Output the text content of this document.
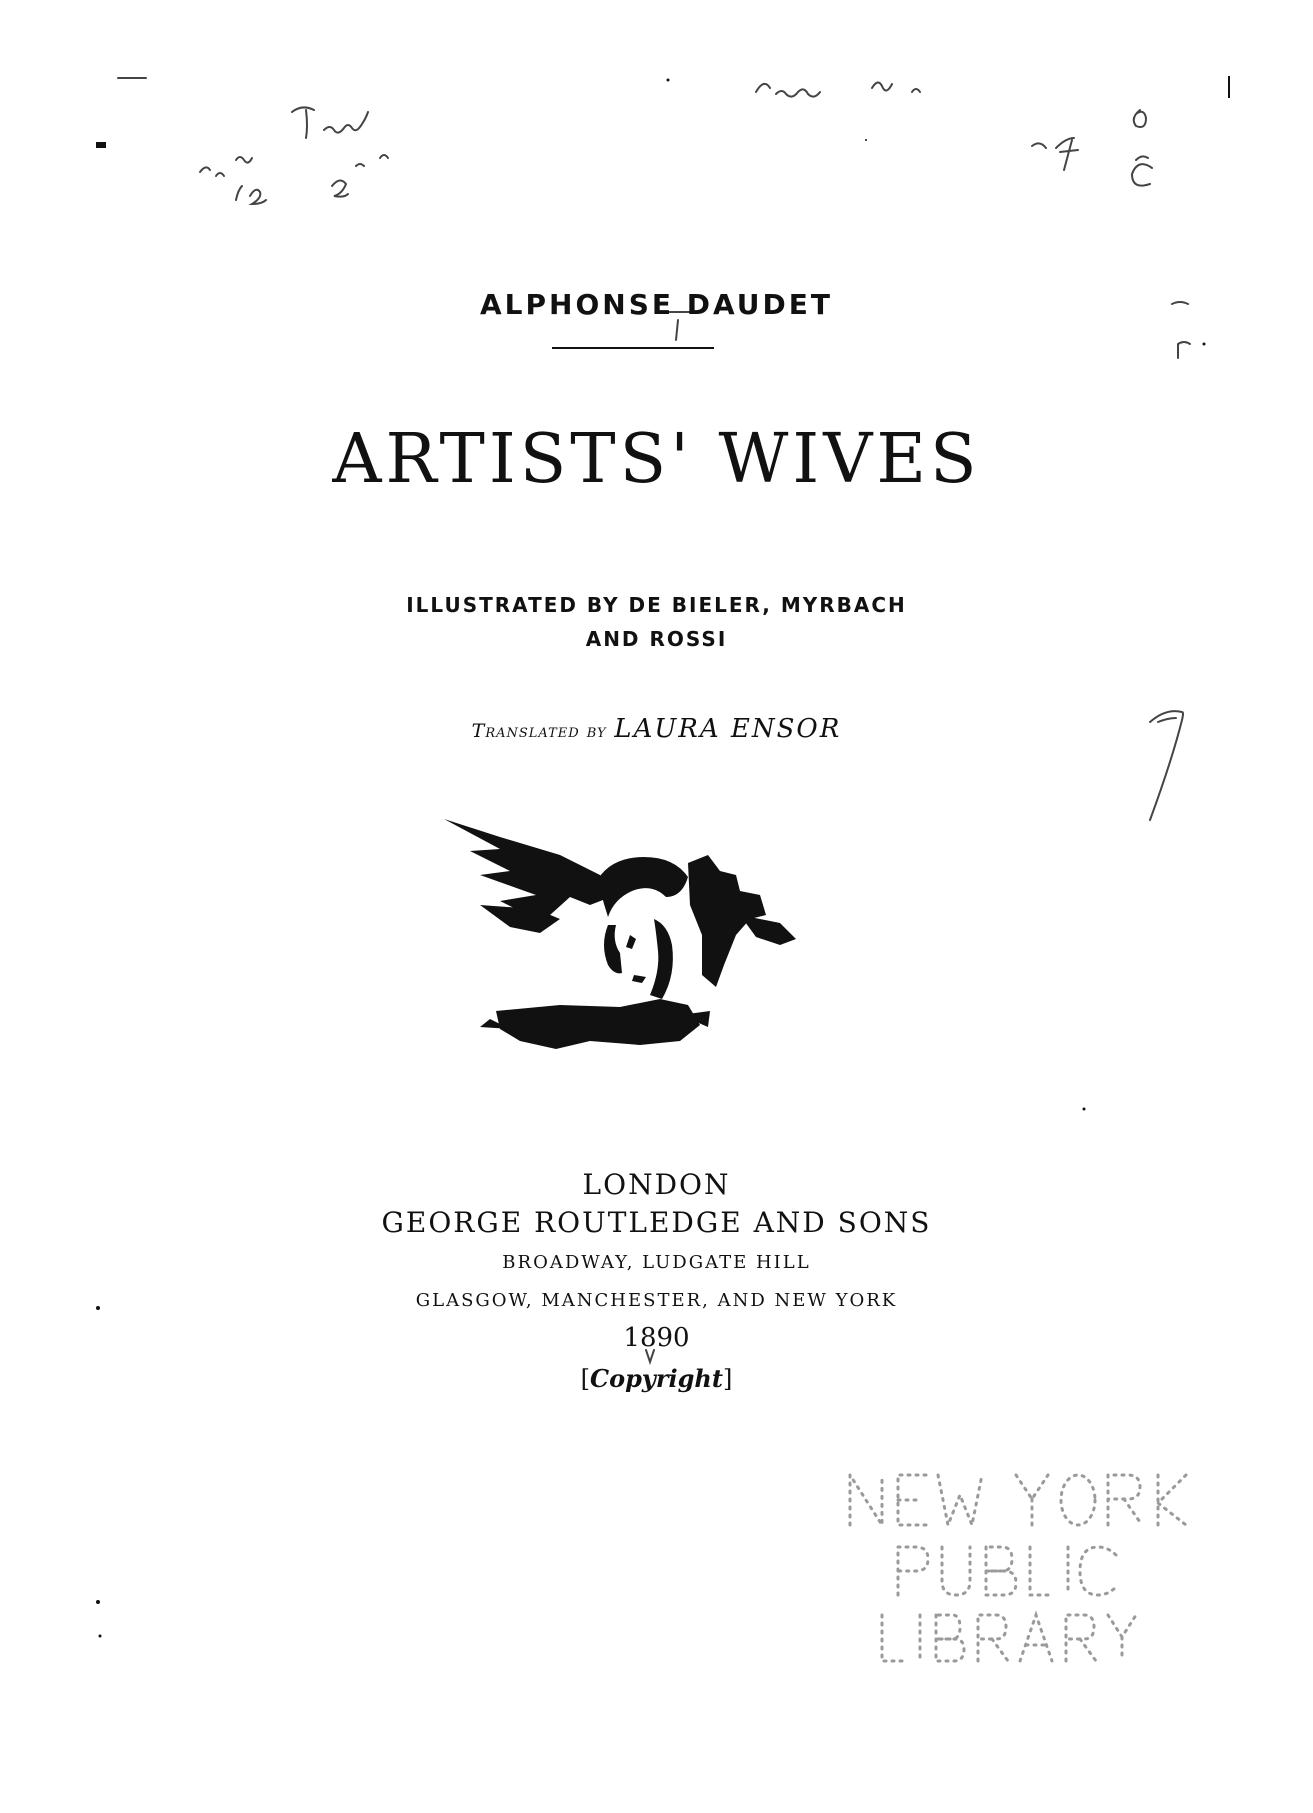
ALPHONSE DAUDET
ARTISTS' WIVES
ILLUSTRATED BY DE BIELER, MYRBACH
AND ROSSI
Translated by LAURA ENSOR
LONDON
GEORGE ROUTLEDGE AND SONS
BROADWAY, LUDGATE HILL
GLASGOW, MANCHESTER, AND NEW YORK
1890
[Copyright]
